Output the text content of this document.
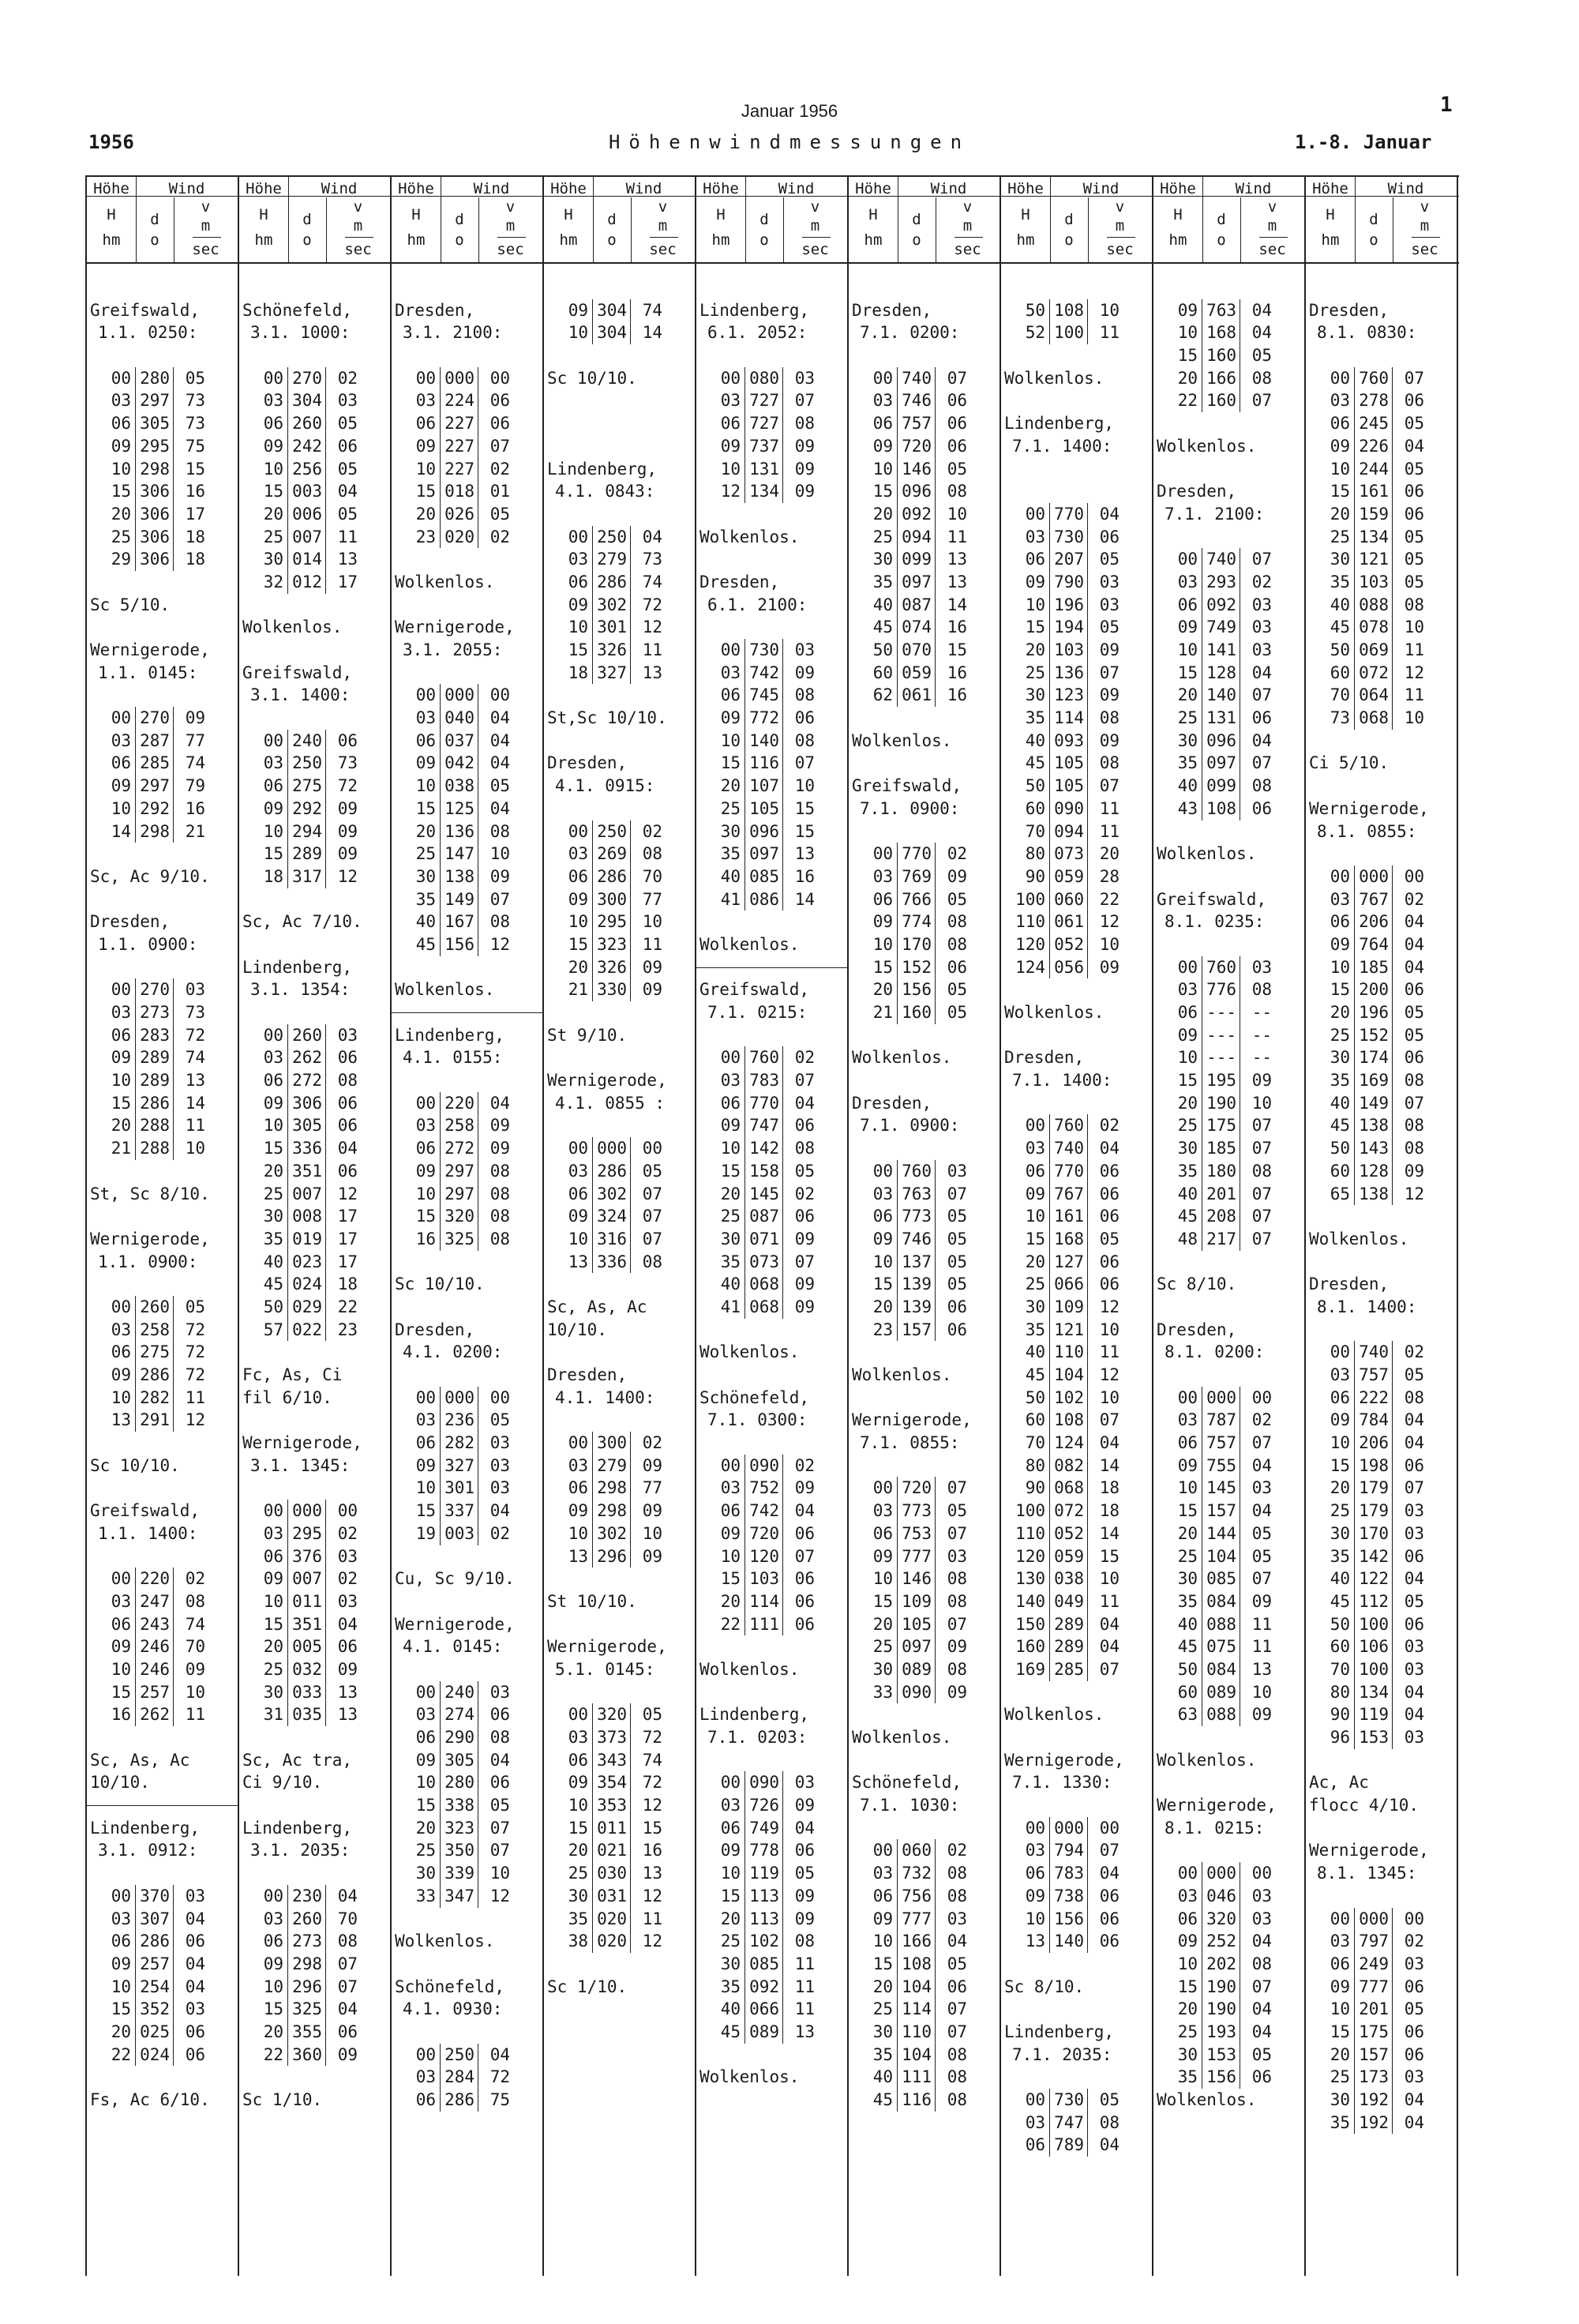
1
1956	Höhenwindmessungen	1.-8. Januar
Höhe	Wind
H
hm
d
o
v
m
sec
Greifswald,
1.1. 0250:
00 280 05
03 297 73
06 305 73
09 295 75
10 298 15
15 306 16
20 306 17
25 306 18
29 306 18
Sc 5/10.
Wernigerode,
1.1. 0145:
00 270 09
03 287 77
06 285 74
09 297 79
10 292 16
14 298 21
Sc, Ac 9/10.
Dresden,
1.1. 0900:
00 270 03
03 273 73
06 283 72
09 289 74
10 289 13
15 286 14
20 288 11
21 288 10
St, Sc 8/10.
Wernigerode,
1.1. 0900:
00 260 05
03 258 72
06 275 72
09 286 72
10 282 11
13 291 12
Sc 10/10.
Greifswald,
1.1. 1400:
00 220 02
03 247 08
06 243 74
09 246 70
10 246 09
15 257 10
16 262 11
Sc, As, Ac
10/10.
Lindenberg,
3.1. 0912:
00 370 03
03 307 04
06 286 06
09 257 04
10 254 04
15 352 03
20 025 06
22 024 06
Fs, Ac 6/10.
Höhe	Wind
H
hm
d
o
v
m
sec
Schönefeld,
3.1. 1000:
00 270 02
03 304 03
06 260 05
09 242 06
10 256 05
15 003 04
20 006 05
25 007 11
30 014 13
32 012 17
Wolkenlos.
Greifswald,
3.1. 1400:
00 240 06
03 250 73
06 275 72
09 292 09
10 294 09
15 289 09
18 317 12
Sc, Ac 7/10.
Lindenberg,
3.1. 1354:
00 260 03
03 262 06
06 272 08
09 306 06
10 305 06
15 336 04
20 351 06
25 007 12
30 008 17
35 019 17
40 023 17
45 024 18
50 029 22
57 022 23
Fc, As, Ci
fil 6/10.
Wernigerode,
3.1. 1345:
00 000 00
03 295 02
06 376 03
09 007 02
10 011 03
15 351 04
20 005 06
25 032 09
30 033 13
31 035 13
Sc, Ac tra,
Ci 9/10.
Lindenberg,
3.1. 2035:
00 230 04
03 260 70
06 273 08
09 298 07
10 296 07
15 325 04
20 355 06
22 360 09
Sc 1/10.
Höhe	Wind
H
hm
d
o
v
m
sec
Dresden,
3.1. 2100:
00 000 00
03 224 06
06 227 06
09 227 07
10 227 02
15 018 01
20 026 05
23 020 02
Wolkenlos.
Wernigerode,
3.1. 2055:
00 000 00
03 040 04
06 037 04
09 042 04
10 038 05
15 125 04
20 136 08
25 147 10
30 138 09
35 149 07
40 167 08
45 156 12
Wolkenlos.
Lindenberg,
4.1. 0155:
00 220 04
03 258 09
06 272 09
09 297 08
10 297 08
15 320 08
16 325 08
Sc 10/10.
Dresden,
4.1. 0200:
00 000 00
03 236 05
06 282 03
09 327 03
10 301 03
15 337 04
19 003 02
Cu, Sc 9/10.
Wernigerode,
4.1. 0145:
00 240 03
03 274 06
06 290 08
09 305 04
10 280 06
15 338 05
20 323 07
25 350 07
30 339 10
33 347 12
Wolkenlos.
Schönefeld,
4.1. 0930:
00 250 04
03 284 72
06 286 75
Höhe	Wind
H
hm
d
o
v
m
sec
09 304 74
10 304 14
Sc 10/10.
Lindenberg,
4.1. 0843:
00 250 04
03 279 73
06 286 74
09 302 72
10 301 12
15 326 11
18 327 13
St,Sc 10/10.
Dresden,
4.1. 0915:
00 250 02
03 269 08
06 286 70
09 300 77
10 295 10
15 323 11
20 326 09
21 330 09
St 9/10.
Wernigerode,
4.1. 0855 :
00 000 00
03 286 05
06 302 07
09 324 07
10 316 07
13 336 08
Sc, As, Ac
10/10.
Dresden,
4.1. 1400:
00 300 02
03 279 09
06 298 77
09 298 09
10 302 10
13 296 09
St 10/10.
Wernigerode,
5.1. 0145:
00 320 05
03 373 72
06 343 74
09 354 72
10 353 12
15 011 15
20 021 16
25 030 13
30 031 12
35 020 11
38 020 12
Sc 1/10.
Höhe	Wind
H
hm
d
o
v
m
sec
Lindenberg,
6.1. 2052:
00 080 03
03 727 07
06 727 08
09 737 09
10 131 09
12 134 09
Wolkenlos.
Dresden,
6.1. 2100:
00 730 03
03 742 09
06 745 08
09 772 06
10 140 08
15 116 07
20 107 10
25 105 15
30 096 15
35 097 13
40 085 16
41 086 14
Wolkenlos.
Greifswald,
7.1. 0215:
00 760 02
03 783 07
06 770 04
09 747 06
10 142 08
15 158 05
20 145 02
25 087 06
30 071 09
35 073 07
40 068 09
41 068 09
Wolkenlos.
Schönefeld,
7.1. 0300:
00 090 02
03 752 09
06 742 04
09 720 06
10 120 07
15 103 06
20 114 06
22 111 06
Wolkenlos.
Lindenberg,
7.1. 0203:
00 090 03
03 726 09
06 749 04
09 778 06
10 119 05
15 113 09
20 113 09
25 102 08
30 085 11
35 092 11
40 066 11
45 089 13
Wolkenlos.
Höhe	Wind
H
hm
d
o
v
m
sec
Dresden,
7.1. 0200:
00 740 07
03 746 06
06 757 06
09 720 06
10 146 05
15 096 08
20 092 10
25 094 11
30 099 13
35 097 13
40 087 14
45 074 16
50 070 15
60 059 16
62 061 16
Wolkenlos.
Greifswald,
7.1. 0900:
00 770 02
03 769 09
06 766 05
09 774 08
10 170 08
15 152 06
20 156 05
21 160 05
Wolkenlos.
Dresden,
7.1. 0900:
00 760 03
03 763 07
06 773 05
09 746 05
10 137 05
15 139 05
20 139 06
23 157 06
Wolkenlos.
Wernigerode,
7.1. 0855:
00 720 07
03 773 05
06 753 07
09 777 03
10 146 08
15 109 08
20 105 07
25 097 09
30 089 08
33 090 09
Wolkenlos.
Schönefeld,
7.1. 1030:
00 060 02
03 732 08
06 756 08
09 777 03
10 166 04
15 108 05
20 104 06
25 114 07
30 110 07
35 104 08
40 111 08
45 116 08
Höhe	Wind
H
hm
d
o
v
m
sec
50 108 10
52 100 11
Wolkenlos.
Lindenberg,
7.1. 1400:
00 770 04
03 730 06
06 207 05
09 790 03
10 196 03
15 194 05
20 103 09
25 136 07
30 123 09
35 114 08
40 093 09
45 105 08
50 105 07
60 090 11
70 094 11
80 073 20
90 059 28
100 060 22
110 061 12
120 052 10
124 056 09
Wolkenlos.
Dresden,
7.1. 1400:
00 760 02
03 740 04
06 770 06
09 767 06
10 161 06
15 168 05
20 127 06
25 066 06
30 109 12
35 121 10
40 110 11
45 104 12
50 102 10
60 108 07
70 124 04
80 082 14
90 068 18
100 072 18
110 052 14
120 059 15
130 038 10
140 049 11
150 289 04
160 289 04
169 285 07
Wolkenlos.
Wernigerode,
7.1. 1330:
00 000 00
03 794 07
06 783 04
09 738 06
10 156 06
13 140 06
Sc 8/10.
Lindenberg,
7.1. 2035:
00 730 05
03 747 08
06 789 04
Höhe	Wind
H
hm
d
o
v
m
sec
09 763 04
10 168 04
15 160 05
20 166 08
22 160 07
Wolkenlos.
Dresden,
7.1. 2100:
00 740 07
03 293 02
06 092 03
09 749 03
10 141 03
15 128 04
20 140 07
25 131 06
30 096 04
35 097 07
40 099 08
43 108 06
Wolkenlos.
Greifswald,
8.1. 0235:
00 760 03
03 776 08
06 --- --
09 --- --
10 --- --
15 195 09
20 190 10
25 175 07
30 185 07
35 180 08
40 201 07
45 208 07
48 217 07
Sc 8/10.
Dresden,
8.1. 0200:
00 000 00
03 787 02
06 757 07
09 755 04
10 145 03
15 157 04
20 144 05
25 104 05
30 085 07
35 084 09
40 088 11
45 075 11
50 084 13
60 089 10
63 088 09
Wolkenlos.
Wernigerode,
8.1. 0215:
00 000 00
03 046 03
06 320 03
09 252 04
10 202 08
15 190 07
20 190 04
25 193 04
30 153 05
35 156 06
Wolkenlos.
Höhe	Wind
H
hm
d
o
v
m
sec
Dresden,
8.1. 0830:
00 760 07
03 278 06
06 245 05
09 226 04
10 244 05
15 161 06
20 159 06
25 134 05
30 121 05
35 103 05
40 088 08
45 078 10
50 069 11
60 072 12
70 064 11
73 068 10
Ci 5/10.
Wernigerode,
8.1. 0855:
00 000 00
03 767 02
06 206 04
09 764 04
10 185 04
15 200 06
20 196 05
25 152 05
30 174 06
35 169 08
40 149 07
45 138 08
50 143 08
60 128 09
65 138 12
Wolkenlos.
Dresden,
8.1. 1400:
00 740 02
03 757 05
06 222 08
09 784 04
10 206 04
15 198 06
20 179 07
25 179 03
30 170 03
35 142 06
40 122 04
45 112 05
50 100 06
60 106 03
70 100 03
80 134 04
90 119 04
96 153 03
Ac, Ac
flocc 4/10.
Wernigerode,
8.1. 1345:
00 000 00
03 797 02
06 249 03
09 777 06
10 201 05
15 175 06
20 157 06
25 173 03
30 192 04
35 192 04
Januar 1956
